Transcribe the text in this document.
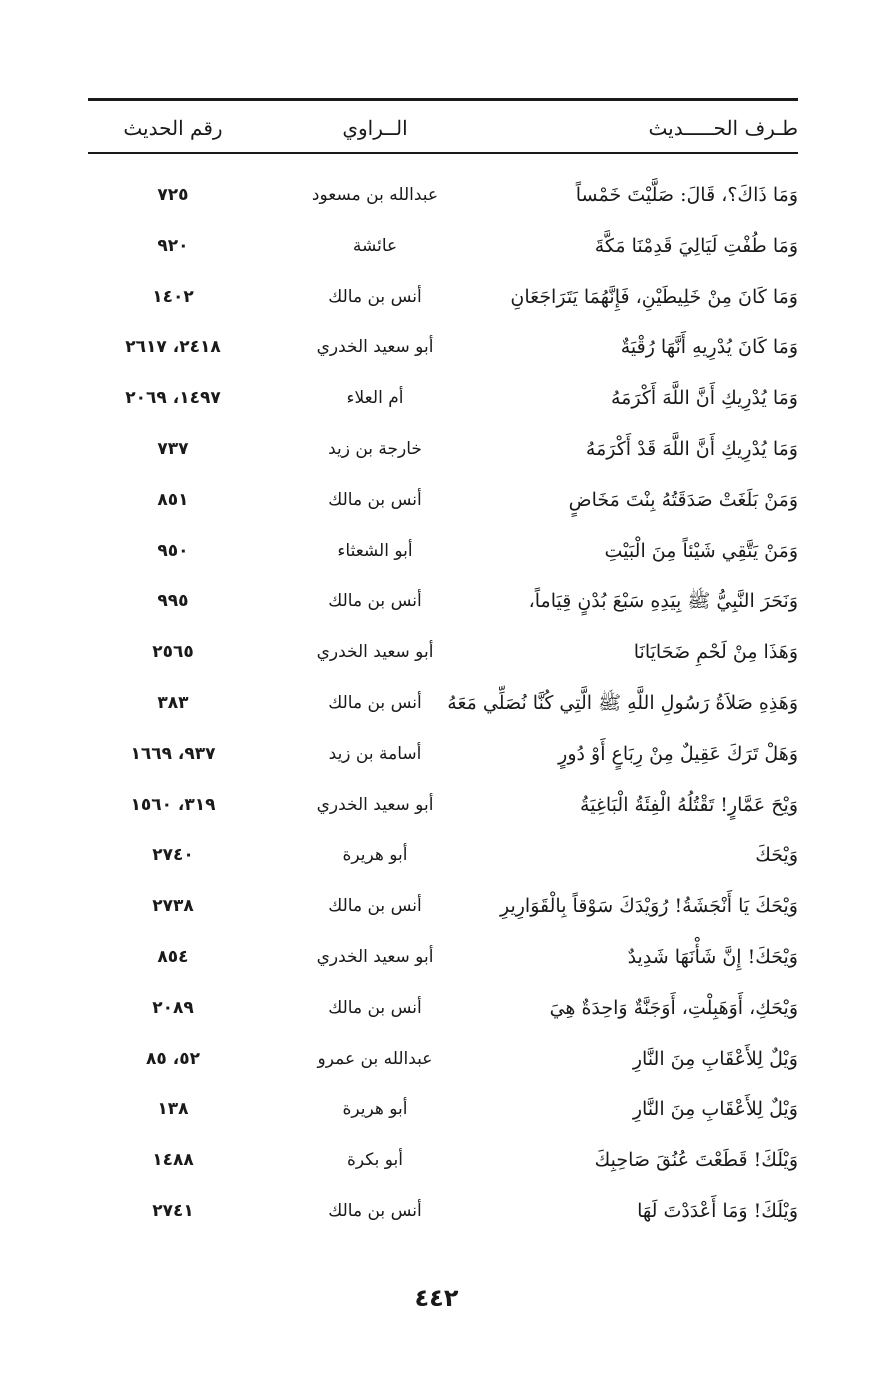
طـرف الحـــــديث
الــراوي
رقم الحديث
وَمَا ذَاكَ؟، قَالَ: صَلَّيْتَ خَمْساً
عبدالله بن مسعود
٧٢٥
وَمَا طُفْتِ لَيَالِيَ قَدِمْنَا مَكَّةَ
عائشة
٩٢٠
وَمَا كَانَ مِنْ خَلِيطَيْنِ، فَإِنَّهُمَا يَتَرَاجَعَانِ
أنس بن مالك
١٤٠٢
وَمَا كَانَ يُدْرِيهِ أَنَّهَا رُقْيَةٌ
أبو سعيد الخدري
٢٤١٨، ٢٦١٧
وَمَا يُدْرِيكِ أَنَّ اللَّهَ أَكْرَمَهُ
أم العلاء
١٤٩٧، ٢٠٦٩
وَمَا يُدْرِيكِ أَنَّ اللَّهَ قَدْ أَكْرَمَهُ
خارجة بن زيد
٧٣٧
وَمَنْ بَلَغَتْ صَدَقَتُهُ بِنْتَ مَخَاضٍ
أنس بن مالك
٨٥١
وَمَنْ يَتَّقِي شَيْئاً مِنَ الْبَيْتِ
أبو الشعثاء
٩٥٠
وَنَحَرَ النَّبِيُّ ﷺ بِيَدِهِ سَبْعَ بُدْنٍ قِيَاماً،
أنس بن مالك
٩٩٥
وَهَذَا مِنْ لَحْمِ ضَحَايَانَا
أبو سعيد الخدري
٢٥٦٥
وَهَذِهِ صَلاَةُ رَسُولِ اللَّهِ ﷺ الَّتِي كُنَّا نُصَلِّي مَعَهُ
أنس بن مالك
٣٨٣
وَهَلْ تَرَكَ عَقِيلٌ مِنْ رِبَاعٍ أَوْ دُورٍ
أسامة بن زيد
٩٣٧، ١٦٦٩
وَيْحَ عَمَّارٍ! تَقْتُلُهُ الْفِئَةُ الْبَاغِيَةُ
أبو سعيد الخدري
٣١٩، ١٥٦٠
وَيْحَكَ
أبو هريرة
٢٧٤٠
وَيْحَكَ يَا أَنْجَشَةُ! رُوَيْدَكَ سَوْقاً بِالْقَوَارِيرِ
أنس بن مالك
٢٧٣٨
وَيْحَكَ! إِنَّ شَأْنَهَا شَدِيدٌ
أبو سعيد الخدري
٨٥٤
وَيْحَكِ، أَوَهَبِلْتِ، أَوَجَنَّةٌ وَاحِدَةٌ هِيَ
أنس بن مالك
٢٠٨٩
وَيْلٌ لِلأَعْقَابِ مِنَ النَّارِ
عبدالله بن عمرو
٥٢، ٨٥
وَيْلٌ لِلأَعْقَابِ مِنَ النَّارِ
أبو هريرة
١٣٨
وَيْلَكَ! قَطَعْتَ عُنُقَ صَاحِبِكَ
أبو بكرة
١٤٨٨
وَيْلَكَ! وَمَا أَعْدَدْتَ لَهَا
أنس بن مالك
٢٧٤١
٤٤٢
